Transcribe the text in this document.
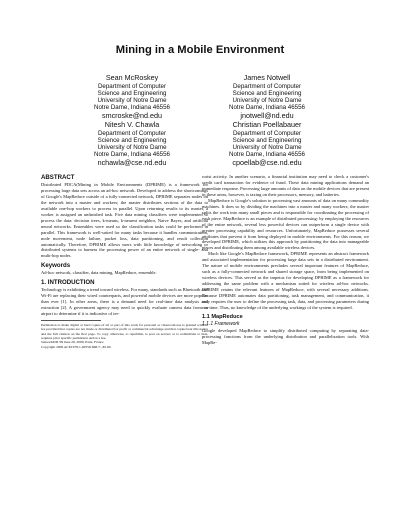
Mining in a Mobile Environment
Sean McRoskey
Department of Computer
Science and Engineering
University of Notre Dame
Notre Dame, Indiana 46556
smcroske@nd.edu
James Notwell
Department of Computer
Science and Engineering
University of Notre Dame
Notre Dame, Indiana 46556
jnotwell@nd.edu
Nitesh V. Chawla
Department of Computer
Science and Engineering
University of Notre Dame
Notre Dame, Indiana 46556
nchawla@cse.nd.edu
Christian Poellabauer
Department of Computer
Science and Engineering
University of Notre Dame
Notre Dame, Indiana 46556
cpoellab@cse.nd.edu
ABSTRACT

Distributed PDCA(Mining in Mobile Environments (DPRIME) is a framework for processing large data sets across an ad-hoc network. Developed to address the shortcomings of Google's MapReduce outside of a fully-connected network, DPRIME separates nodes on the network into a master and workers; the master distributes sections of the data to available one-hop workers to process in parallel. Upon returning results to its master, a worker is assigned an unfinished task. Five data mining classifiers were implemented to process the data: decision trees, k-means, k-nearest neighbor, Naive Bayes, and artificial neural networks. Ensembles were used so the classification tasks could be performed in parallel. This framework is well-suited for many tasks because it handles communication, node movement, node failure, packet loss, data partitioning, and result collection automatically. Therefore, DPRIME allows users with little knowledge of networking or distributed systems to harness the processing power of an entire network of single- and multi-hop nodes.

Keywords

Ad-hoc network, classifier, data mining, MapReduce, ensemble.

1. INTRODUCTION

Technology is exhibiting a trend toward wireless. For many, standards such as Bluetooth and Wi-Fi are replacing their wired counterparts, and powerful mobile devices are more popular than ever [1]. In other areas, there is a demand need for real-time data analysis and extraction [2]. A government agency may need to quickly evaluate camera data from an airport to determine if it is indicative of ter-

Permission to make digital or hard copies of all or part of this work for personal or classroom use is granted without fee provided that copies are not made or distributed for profit or commercial advantage and that copies bear this notice and the full citation on the first page. To copy otherwise, to republish, to post on servers or to redistribute to lists, requires prior specific permission and/or a fee.

SensorKDD '09 June 28, 2009, Paris, France

Copyright 2009 ACM 978-1-60558-668-7...$5.00.

rorist activity. In another scenario, a financial institution may need to check a customer's credit card transaction for evidence of fraud. These data mining applications demand an immediate response. Processing large amounts of data on the mobile devices that are present in these areas, however, is taxing on their processors, memory, and batteries.

MapReduce is Google's solution to processing vast amounts of data on many commodity machines. It does so by dividing the machines into a master and many workers; the master splits the work into many small pieces and is responsible for coordinating the processing of each piece. MapReduce is an example of distributed processing: by employing the resources of the entire network, several less powerful devices can outperform a single device with greater processing capability and resources. Unfortunately, MapReduce possesses several attributes that prevent it from being deployed in mobile environments. For this reason, we developed DPRIME, which utilizes this approach by partitioning the data into manageable pieces and distributing them among available wireless devices.

Much like Google's MapReduce framework, DPRIME represents an abstract framework and associated implementation for processing large data sets in a distributed environment. The nature of mobile environments precludes several important features of MapReduce, such as a fully-connected network and shared storage space, from being implemented on wireless devices. This served as the impetus for developing DPRIME as a framework for addressing the same problem with a mechanism suited for wireless ad-hoc networks. DPRIME retains the relevant features of MapReduce, with several necessary additions. Because DPRIME automates data partitioning, task management, and communication, it only requires the user to define the processing task, data, and processing parameters during run-time. Thus, no knowledge of the underlying workings of the system is required.

1.1 MapReduce
1.1.1 Framework

Google developed MapReduce to simplify distributed computing by separating data-processing functions from the underlying distribution and parallelization tools. With MapRe-
